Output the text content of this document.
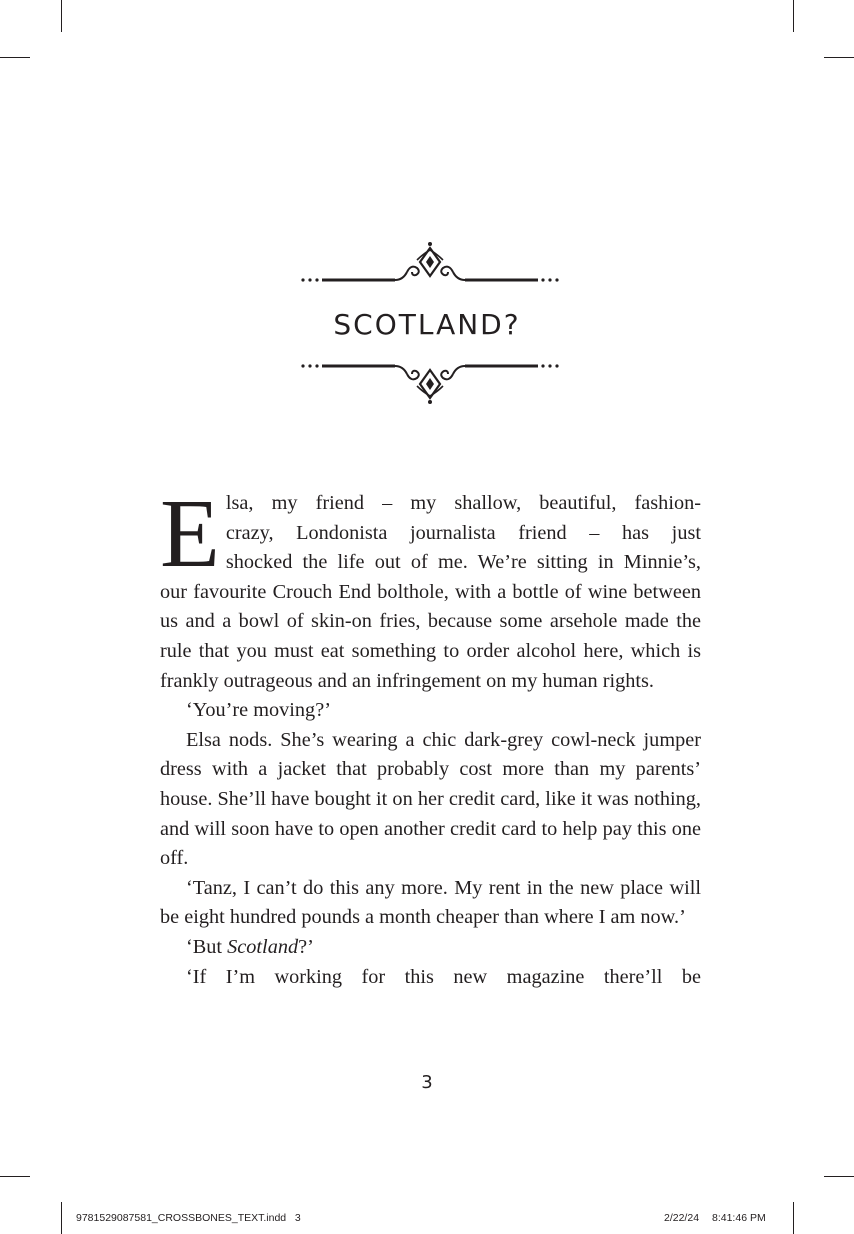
SCOTLAND?
E lsa, my friend – my shallow, beautiful, fashion-
crazy, Londonista journalista friend – has just
shocked the life out of me. We’re sitting in Minnie’s,

our favourite Crouch End bolthole, with a bottle of wine between us and a bowl of skin-on fries, because some arsehole made the rule that you must eat something to order alcohol here, which is frankly outrageous and an infringement on my human rights.

‘You’re moving?’

Elsa nods. She’s wearing a chic dark-grey cowl-neck jumper dress with a jacket that probably cost more than my parents’ house. She’ll have bought it on her credit card, like it was nothing, and will soon have to open another credit card to help pay this one off.

‘Tanz, I can’t do this any more. My rent in the new place will be eight hundred pounds a month cheaper than where I am now.’

‘But Scotland?’

‘If I’m working for this new magazine there’ll be

3
9781529087581_CROSSBONES_TEXT.indd   3	2/22/24 8:41:46 PM
